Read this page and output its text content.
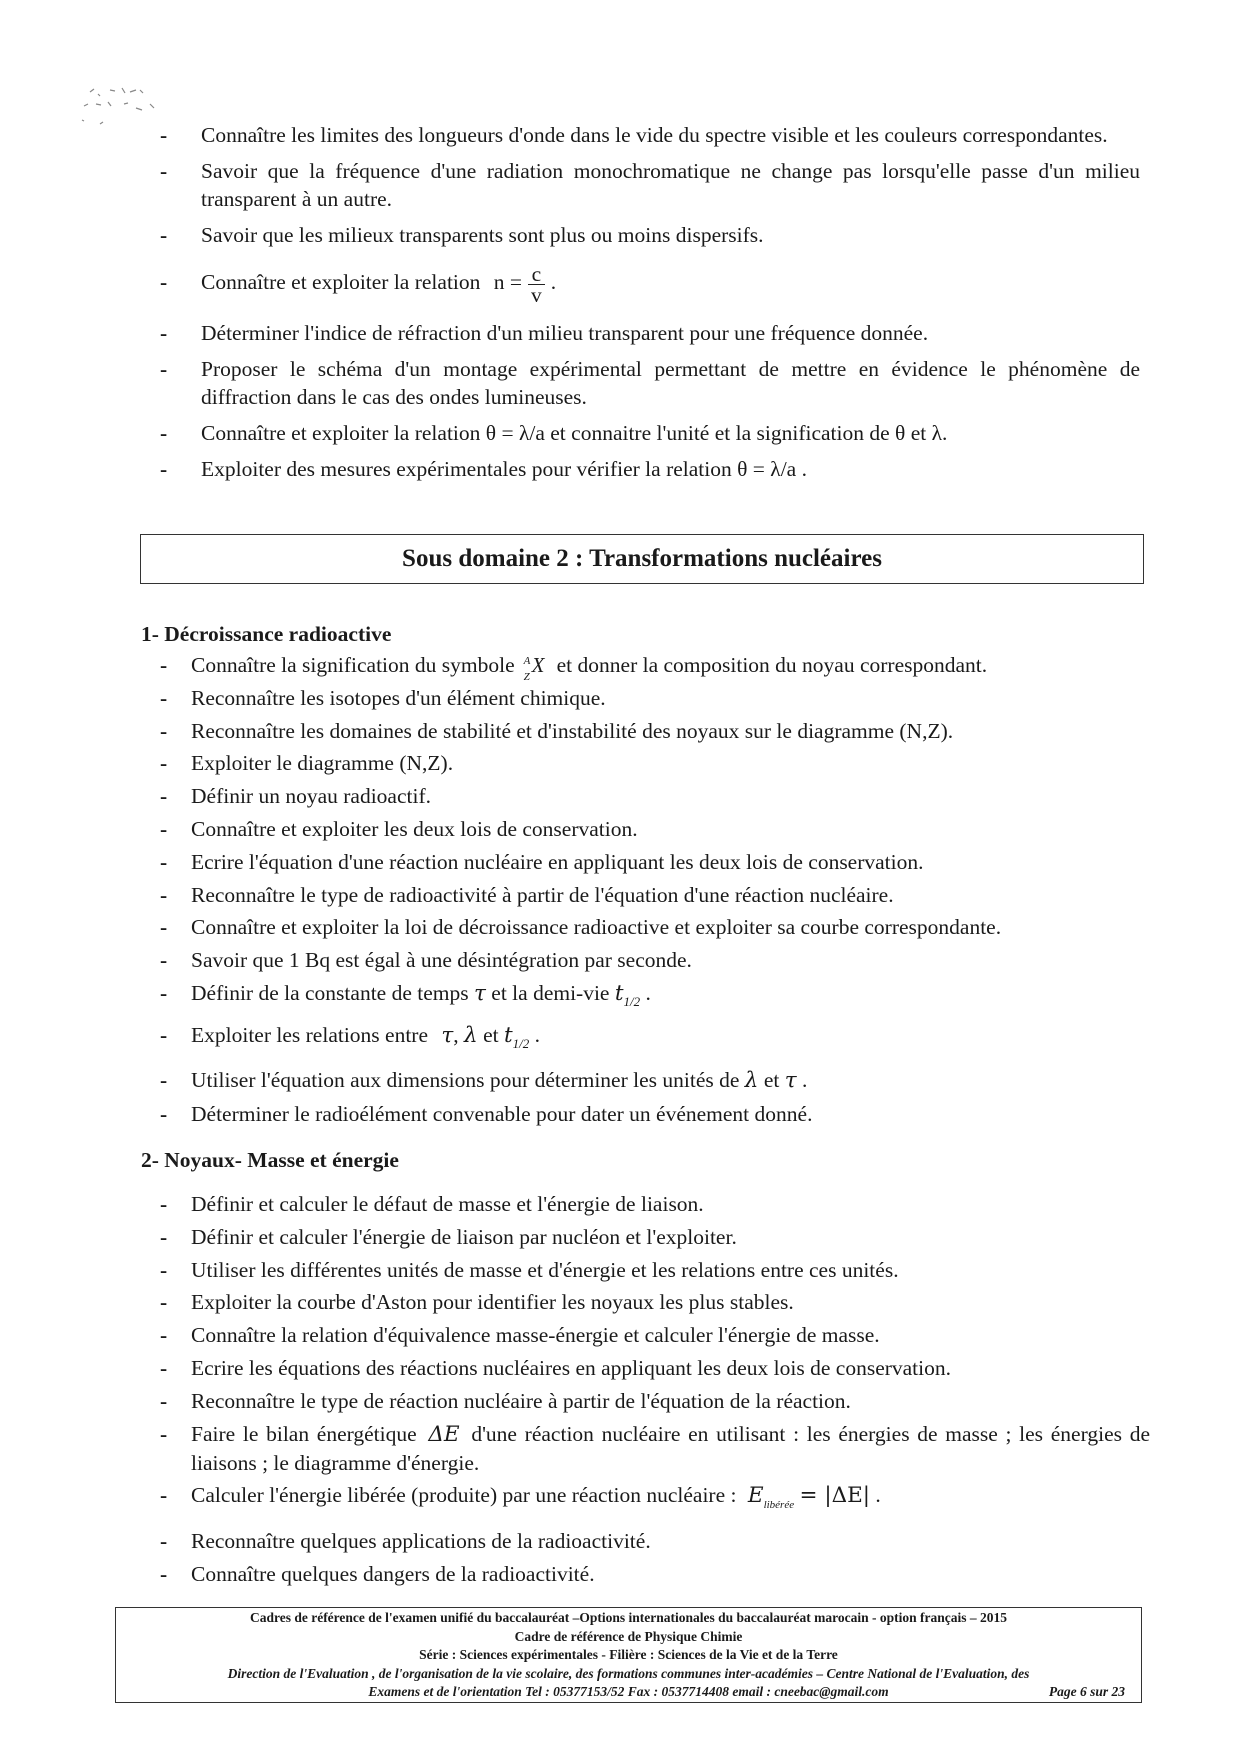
- Connaître les limites des longueurs d'onde dans le vide du spectre visible et les couleurs correspondantes.
- Savoir que la fréquence d'une radiation monochromatique ne change pas lorsqu'elle passe d'un milieu transparent à un autre.
- Savoir que les milieux transparents sont plus ou moins dispersifs.
- Connaître et exploiter la relation $n = \frac{c}{v}$ .
- Déterminer l'indice de réfraction d'un milieu transparent pour une fréquence donnée.
- Proposer le schéma d'un montage expérimental permettant de mettre en évidence le phénomène de diffraction dans le cas des ondes lumineuses.
- Connaître et exploiter la relation θ = λ/a et connaitre l'unité et la signification de θ et λ.
- Exploiter des mesures expérimentales pour vérifier la relation θ = λ/a .
Sous domaine 2 : Transformations nucléaires
1- Décroissance radioactive
- Connaître la signification du symbole A
Z X et donner la composition du noyau correspondant.
- Reconnaître les isotopes d'un élément chimique.
- Reconnaître les domaines de stabilité et d'instabilité des noyaux sur le diagramme (N,Z).
- Exploiter le diagramme (N,Z).
- Définir un noyau radioactif.
- Connaître et exploiter les deux lois de conservation.
- Ecrire l'équation d'une réaction nucléaire en appliquant les deux lois de conservation.
- Reconnaître le type de radioactivité à partir de l'équation d'une réaction nucléaire.
- Connaître et exploiter la loi de décroissance radioactive et exploiter sa courbe correspondante.
- Savoir que 1 Bq est égal à une désintégration par seconde.
- Définir de la constante de temps τ et la demi-vie $t_{1/2}$ .
- Exploiter les relations entre τ, λ et $t_{1/2}$ .
- Utiliser l'équation aux dimensions pour déterminer les unités de λ et τ .
- Déterminer le radioélément convenable pour dater un événement donné.
2- Noyaux- Masse et énergie
- Définir et calculer le défaut de masse et l'énergie de liaison.
- Définir et calculer l'énergie de liaison par nucléon et l'exploiter.
- Utiliser les différentes unités de masse et d'énergie et les relations entre ces unités.
- Exploiter la courbe d'Aston pour identifier les noyaux les plus stables.
- Connaître la relation d'équivalence masse-énergie et calculer l'énergie de masse.
- Ecrire les équations des réactions nucléaires en appliquant les deux lois de conservation.
- Reconnaître le type de réaction nucléaire à partir de l'équation de la réaction.
- Faire le bilan énergétique ΔE d'une réaction nucléaire en utilisant : les énergies de masse ; les énergies de liaisons ; le diagramme d'énergie.
- Calculer l'énergie libérée (produite) par une réaction nucléaire : $E_{libérée} = |\Delta E|$ .
- Reconnaître quelques applications de la radioactivité.
- Connaître quelques dangers de la radioactivité.
Cadres de référence de l'examen unifié du baccalauréat –Options internationales du baccalauréat marocain - option français – 2015
Cadre de référence de Physique Chimie
Série : Sciences expérimentales - Filière : Sciences de la Vie et de la Terre
Direction de l'Evaluation , de l'organisation de la vie scolaire, des formations communes inter-académies – Centre National de l'Evaluation, des
Examens et de l'orientation Tel : 05377153/52 Fax : 0537714408 email : cneebac@gmail.com	Page 6 sur 23
